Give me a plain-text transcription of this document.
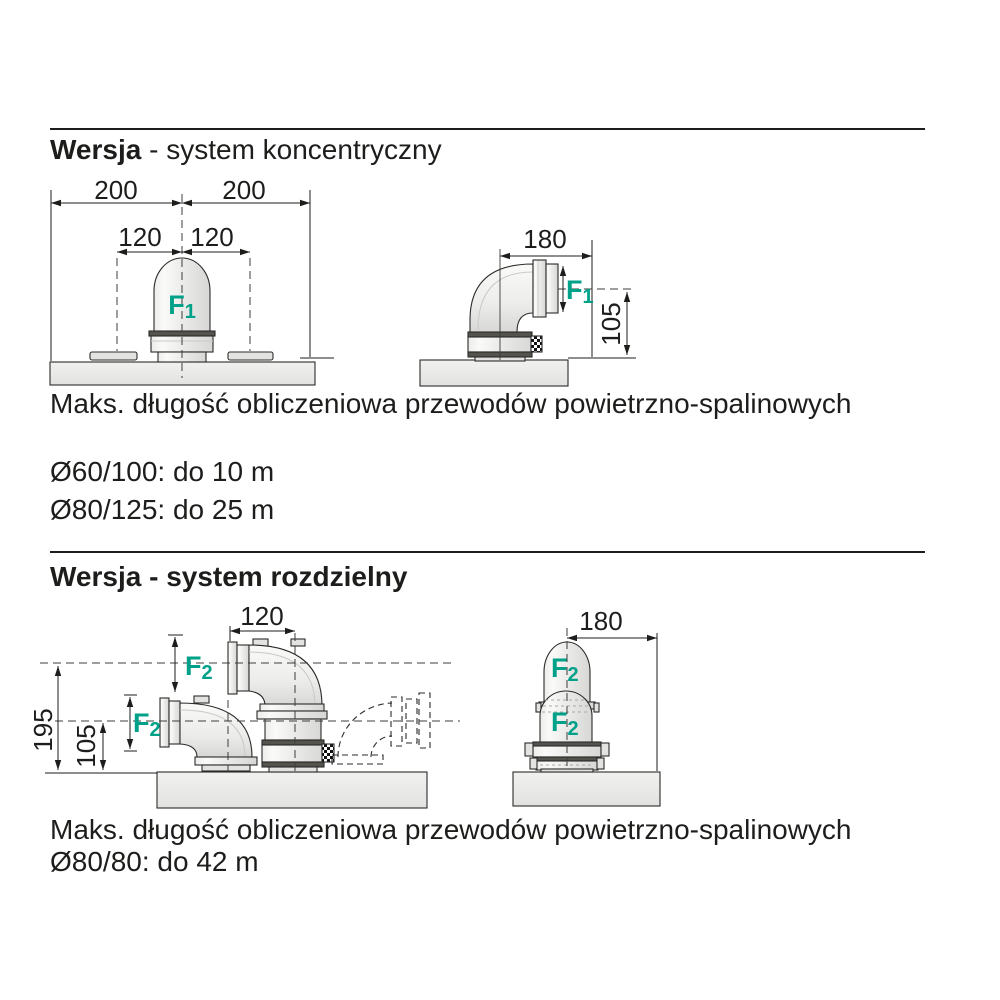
Wersja - system koncentryczny

Maks. długość obliczeniowa przewodów powietrzno-spalinowych

Ø60/100: do 10 m

Ø80/125: do 25 m

Wersja - system rozdzielny

Maks. długość obliczeniowa przewodów powietrzno-spalinowych

Ø80/80: do 42 m

200	200
120 120
F1
180
105
F1
120
195 105
F2
F2
180
F2
F2
